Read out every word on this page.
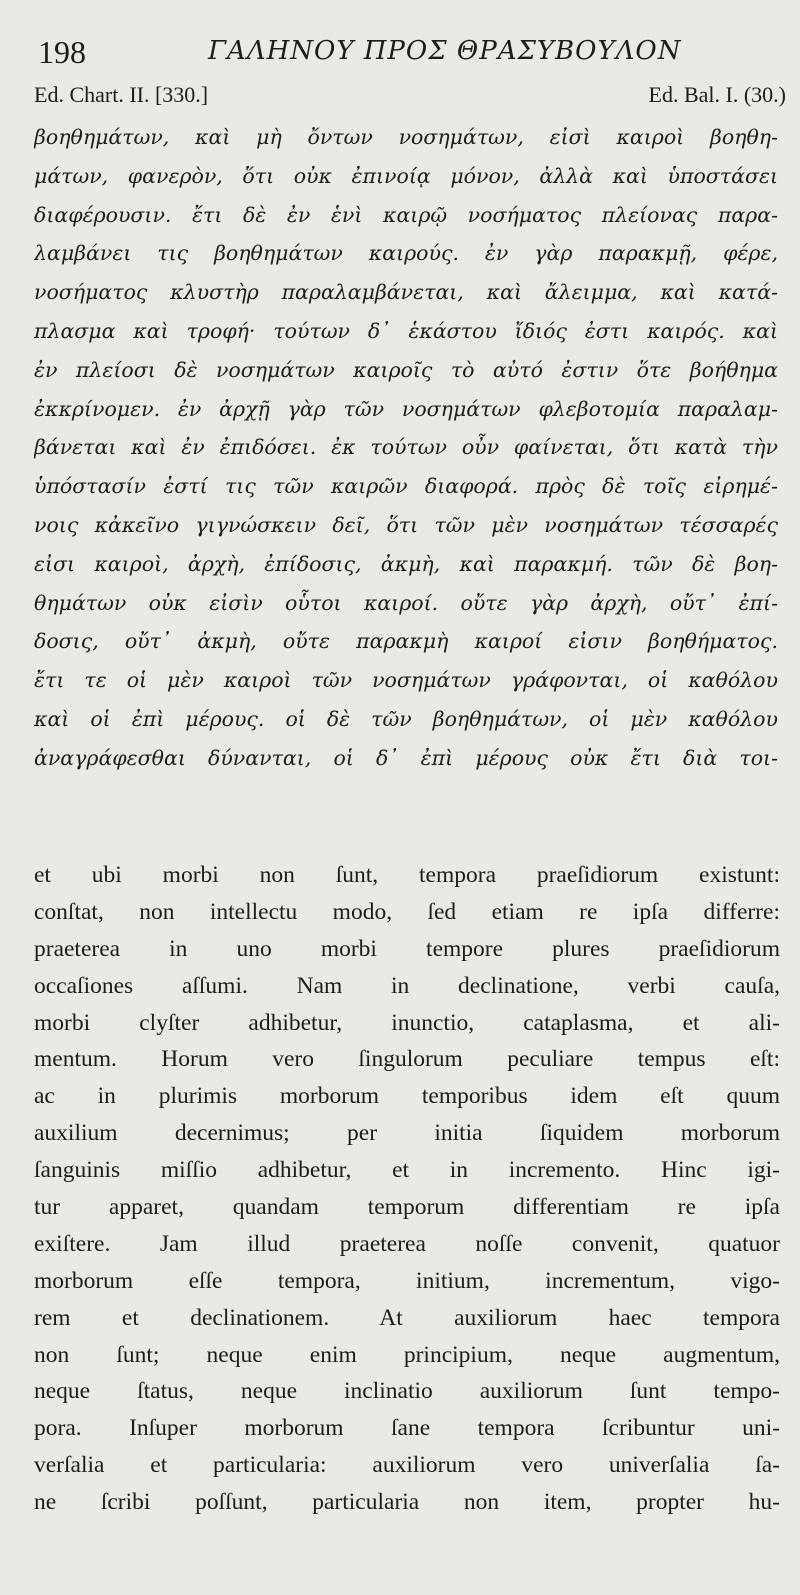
198	ΓΑΛΗΝΟΥ ΠΡΟΣ ΘΡΑΣΥΒΟΥΛΟΝ
Ed. Chart. II. [330.]	Ed. Bal. I. (30.)
βοηθημάτων, καὶ μὴ ὄντων νοσημάτων, εἰσὶ καιροὶ βοηθη-
μάτων, φανερὸν, ὅτι οὐκ ἐπινοίᾳ μόνον, ἀλλὰ καὶ ὑποστάσει
διαφέρουσιν. ἔτι δὲ ἐν ἑνὶ καιρῷ νοσήματος πλείονας παρα-
λαμβάνει τις βοηθημάτων καιρούς. ἐν γὰρ παρακμῇ, φέρε,
νοσήματος κλυστὴρ παραλαμβάνεται, καὶ ἄλειμμα, καὶ κατά-
πλασμα καὶ τροφή· τούτων δ᾽ ἑκάστου ἴδιός ἐστι καιρός. καὶ
ἐν πλείοσι δὲ νοσημάτων καιροῖς τὸ αὐτό ἐστιν ὅτε βοήθημα
ἐκκρίνομεν. ἐν ἀρχῇ γὰρ τῶν νοσημάτων φλεβοτομία παραλαμ-
βάνεται καὶ ἐν ἐπιδόσει. ἐκ τούτων οὖν φαίνεται, ὅτι κατὰ τὴν
ὑπόστασίν ἐστί τις τῶν καιρῶν διαφορά. πρὸς δὲ τοῖς εἰρημέ-
νοις κἀκεῖνο γιγνώσκειν δεῖ, ὅτι τῶν μὲν νοσημάτων τέσσαρές
εἰσι καιροὶ, ἀρχὴ, ἐπίδοσις, ἀκμὴ, καὶ παρακμή. τῶν δὲ βοη-
θημάτων οὐκ εἰσὶν οὗτοι καιροί. οὔτε γὰρ ἀρχὴ, οὔτ᾽ ἐπί-
δοσις, οὔτ᾽ ἀκμὴ, οὔτε παρακμὴ καιροί εἰσιν βοηθήματος.
ἔτι τε οἱ μὲν καιροὶ τῶν νοσημάτων γράφονται, οἱ καθόλου
καὶ οἱ ἐπὶ μέρους. οἱ δὲ τῶν βοηθημάτων, οἱ μὲν καθόλου
ἀναγράφεσθαι δύνανται, οἱ δ᾽ ἐπὶ μέρους οὐκ ἔτι διὰ τοι-
et ubi morbi non ſunt, tempora praeſidiorum existunt:
conſtat, non intellectu modo, ſed etiam re ipſa differre:
praeterea in uno morbi tempore plures praeſidiorum
occaſiones aſſumi. Nam in declinatione, verbi cauſa,
morbi clyſter adhibetur, inunctio, cataplasma, et ali-
mentum. Horum vero ſingulorum peculiare tempus eſt:
ac in plurimis morborum temporibus idem eſt quum
auxilium decernimus; per initia ſiquidem morborum
ſanguinis miſſio adhibetur, et in incremento. Hinc igi-
tur apparet, quandam temporum differentiam re ipſa
exiſtere. Jam illud praeterea noſſe convenit, quatuor
morborum eſſe tempora, initium, incrementum, vigo-
rem et declinationem. At auxiliorum haec tempora
non ſunt; neque enim principium, neque augmentum,
neque ſtatus, neque inclinatio auxiliorum ſunt tempo-
pora. Inſuper morborum ſane tempora ſcribuntur uni-
verſalia et particularia: auxiliorum vero univerſalia ſa-
ne ſcribi poſſunt, particularia non item, propter hu-
